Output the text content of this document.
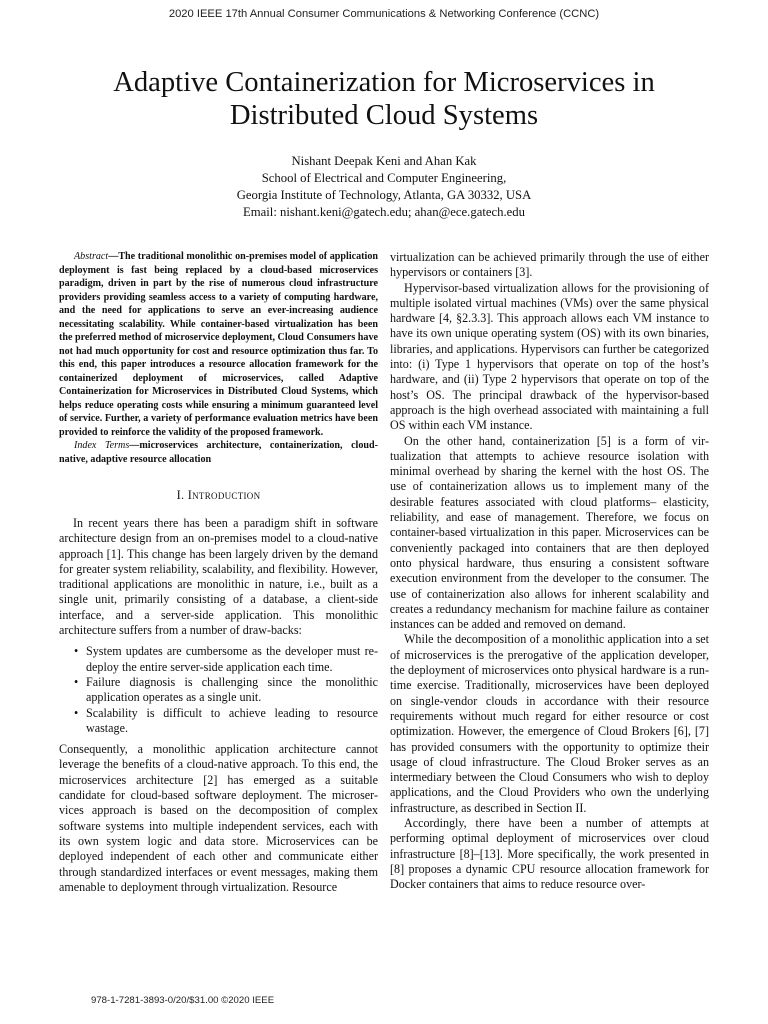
2020 IEEE 17th Annual Consumer Communications & Networking Conference (CCNC)
Adaptive Containerization for Microservices in
Distributed Cloud Systems
Nishant Deepak Keni and Ahan Kak
School of Electrical and Computer Engineering,
Georgia Institute of Technology, Atlanta, GA 30332, USA
Email: nishant.keni@gatech.edu; ahan@ece.gatech.edu

Abstract—The traditional monolithic on-premises model of application deployment is fast being replaced by a cloud-based microservices paradigm, driven in part by the rise of numerous cloud infrastructure providers providing seamless access to a variety of computing hardware, and the need for applications to serve an ever-increasing audience necessitating scalability. While container-based virtualization has been the preferred method of microservice deployment, Cloud Consumers have not had much opportunity for cost and resource optimization thus far. To this end, this paper introduces a resource allocation framework for the containerized deployment of microservices, called Adaptive Containerization for Microservices in Distributed Cloud Systems, which helps reduce operating costs while ensuring a minimum guaranteed level of service. Further, a variety of performance evaluation metrics have been provided to reinforce the validity of the proposed framework.

Index Terms—microservices architecture, containerization, cloud-native, adaptive resource allocation

I. Introduction

In recent years there has been a paradigm shift in software architecture design from an on-premises model to a cloud-native approach [1]. This change has been largely driven by the demand for greater system reliability, scalability, and flexibility. However, traditional applications are monolithic in nature, i.e., built as a single unit, primarily consisting of a database, a client-side interface, and a server-side application. This monolithic architecture suffers from a number of draw-backs:

• System updates are cumbersome as the developer must re-deploy the entire server-side application each time.
• Failure diagnosis is challenging since the monolithic application operates as a single unit.
• Scalability is difficult to achieve leading to resource wastage.

Consequently, a monolithic application architecture cannot leverage the benefits of a cloud-native approach. To this end, the microservices architecture [2] has emerged as a suitable candidate for cloud-based software deployment. The microser-vices approach is based on the decomposition of complex software systems into multiple independent services, each with its own system logic and data store. Microservices can be deployed independent of each other and communicate either through standardized interfaces or event messages, making them amenable to deployment through virtualization. Resource

virtualization can be achieved primarily through the use of either hypervisors or containers [3].

Hypervisor-based virtualization allows for the provisioning of multiple isolated virtual machines (VMs) over the same physical hardware [4, §2.3.3]. This approach allows each VM instance to have its own unique operating system (OS) with its own binaries, libraries, and applications. Hypervisors can further be categorized into: (i) Type 1 hypervisors that operate on top of the host’s hardware, and (ii) Type 2 hypervisors that operate on top of the host’s OS. The principal drawback of the hypervisor-based approach is the high overhead associated with maintaining a full OS within each VM instance.

On the other hand, containerization [5] is a form of vir-tualization that attempts to achieve resource isolation with minimal overhead by sharing the kernel with the host OS. The use of containerization allows us to implement many of the desirable features associated with cloud platforms– elasticity, reliability, and ease of management. Therefore, we focus on container-based virtualization in this paper. Microservices can be conveniently packaged into containers that are then deployed onto physical hardware, thus ensuring a consistent software execution environment from the developer to the consumer. The use of containerization also allows for inherent scalability and creates a redundancy mechanism for machine failure as container instances can be added and removed on demand.

While the decomposition of a monolithic application into a set of microservices is the prerogative of the application developer, the deployment of microservices onto physical hardware is a run-time exercise. Traditionally, microservices have been deployed on single-vendor clouds in accordance with their resource requirements without much regard for either resource or cost optimization. However, the emergence of Cloud Brokers [6], [7] has provided consumers with the opportunity to optimize their usage of cloud infrastructure. The Cloud Broker serves as an intermediary between the Cloud Consumers who wish to deploy applications, and the Cloud Providers who own the underlying infrastructure, as described in Section II.

Accordingly, there have been a number of attempts at performing optimal deployment of microservices over cloud infrastructure [8]–[13]. More specifically, the work presented in [8] proposes a dynamic CPU resource allocation framework for Docker containers that aims to reduce resource over-

978-1-7281-3893-0/20/$31.00 ©2020 IEEE
